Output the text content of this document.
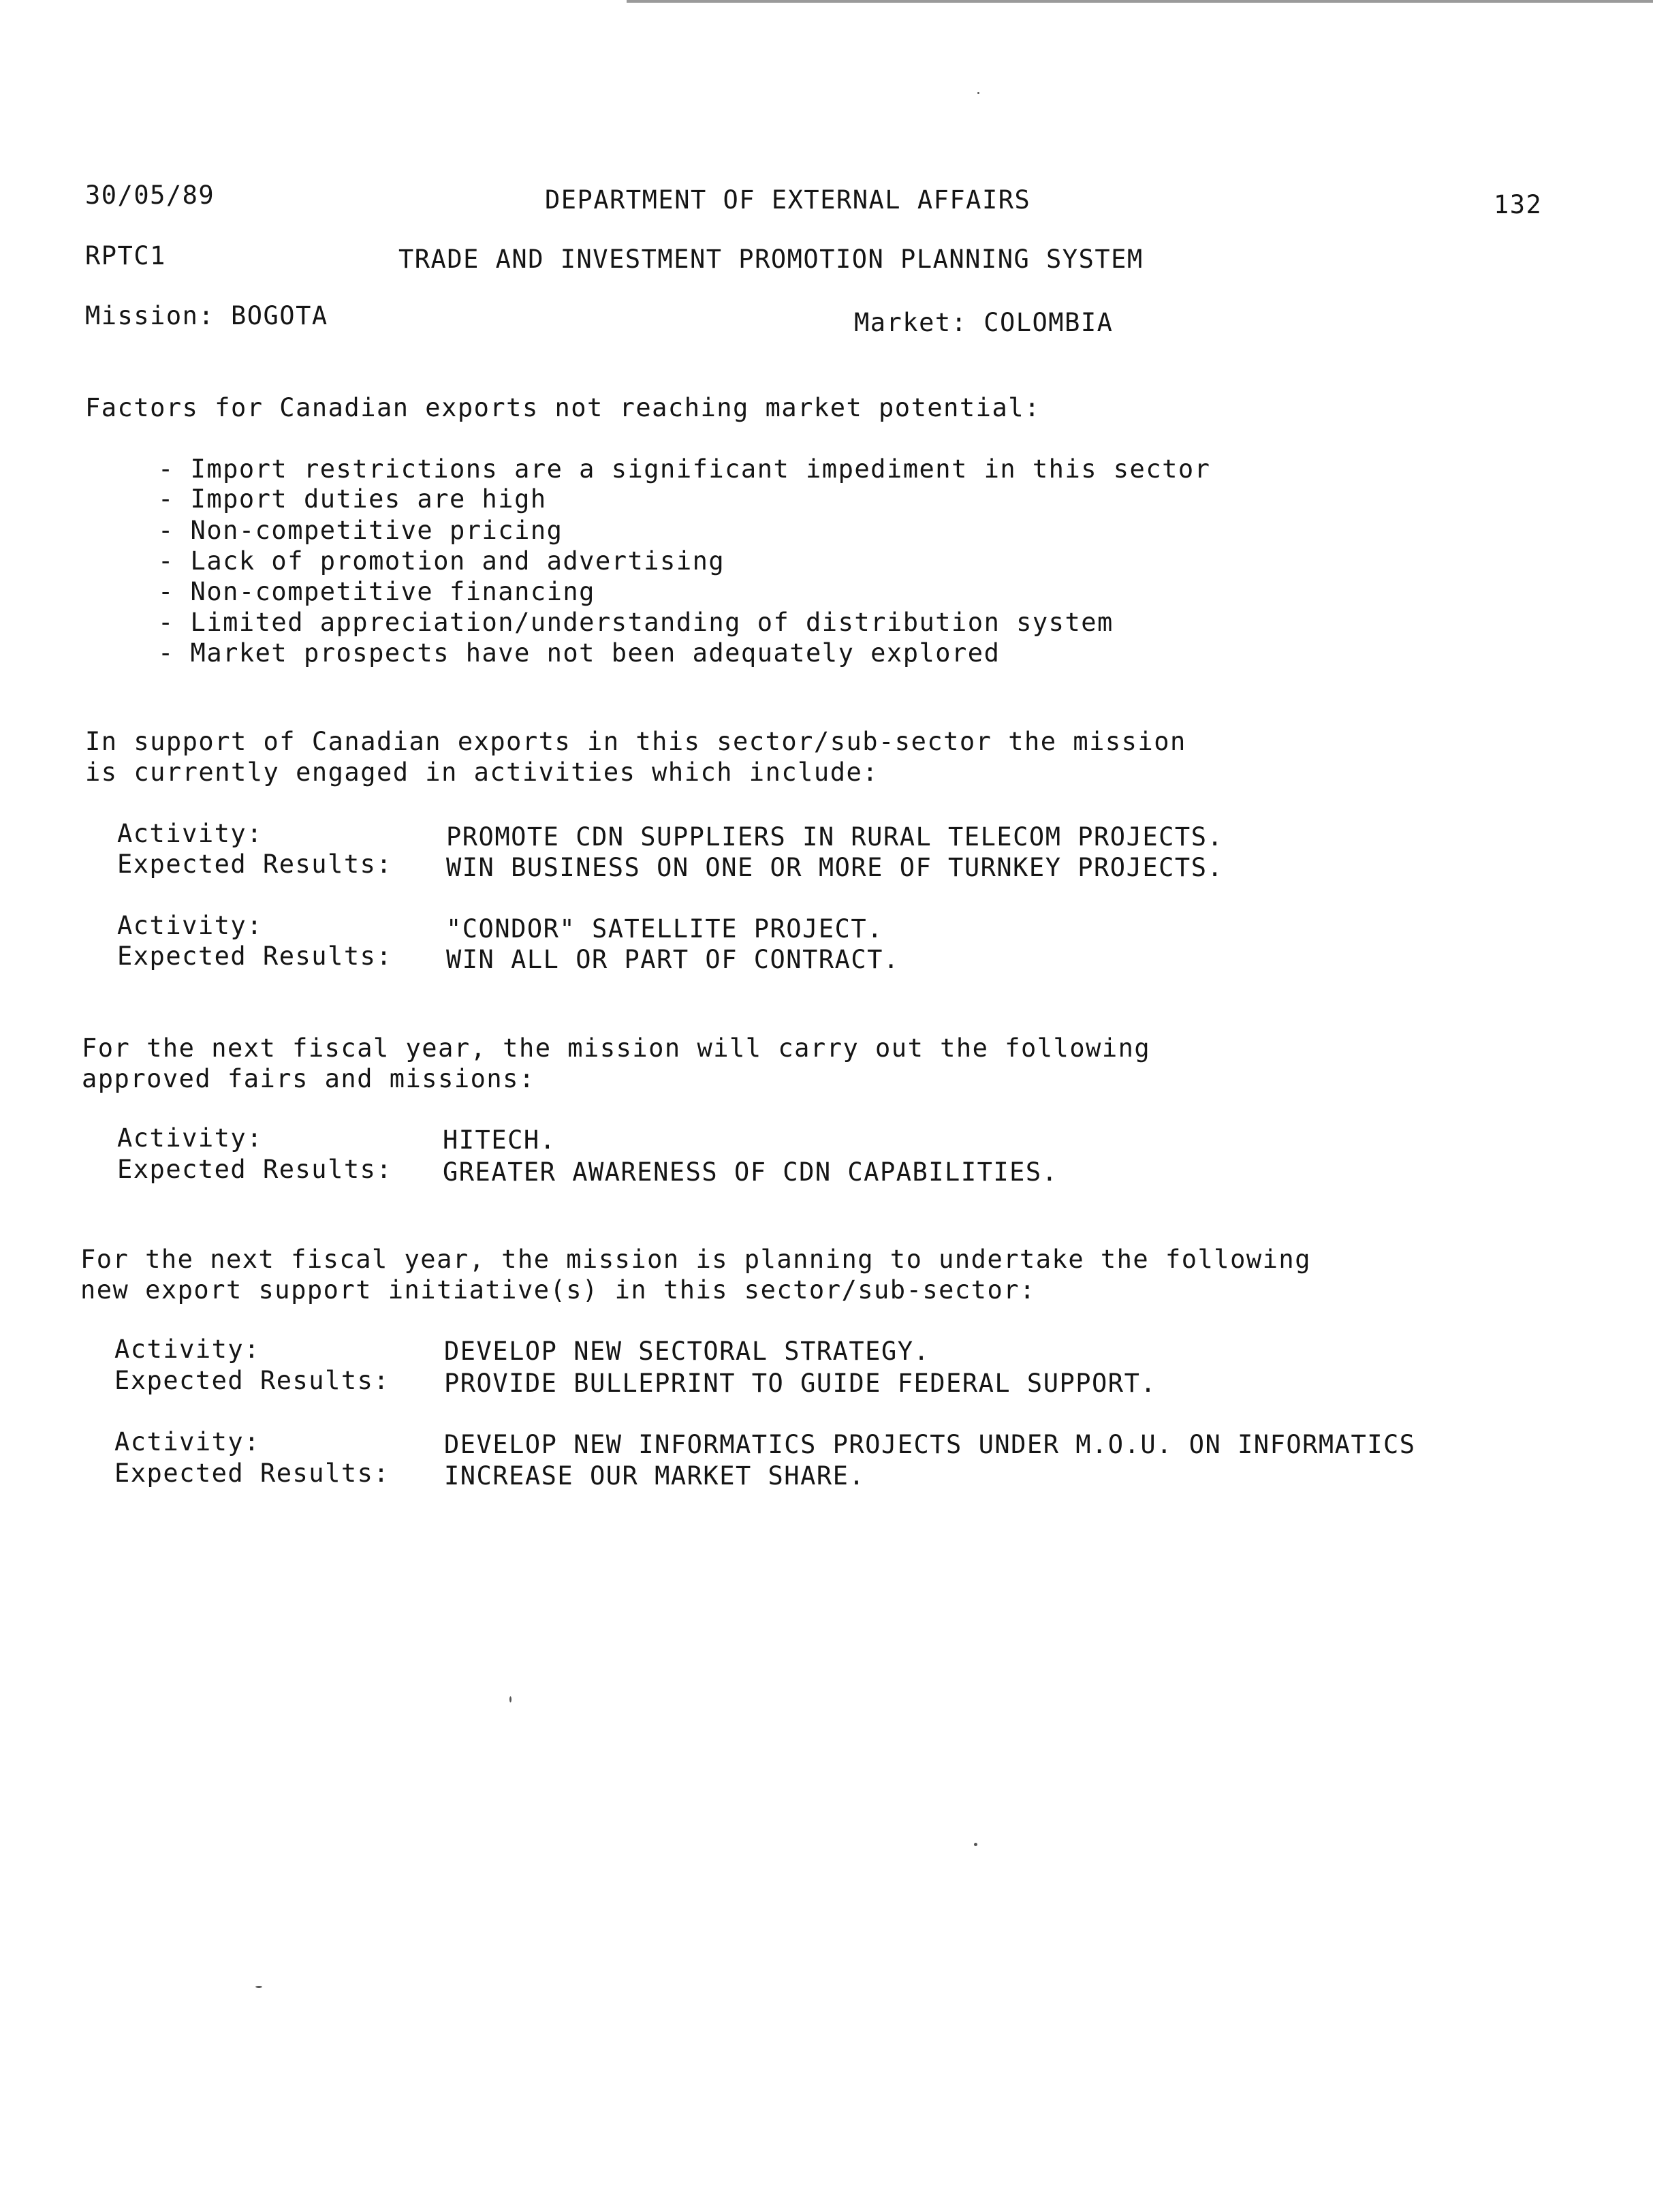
30/05/89	DEPARTMENT OF EXTERNAL AFFAIRS	132
RPTC1	TRADE AND INVESTMENT PROMOTION PLANNING SYSTEM
Mission: BOGOTA	Market: COLOMBIA
Factors for Canadian exports not reaching market potential:
- Import restrictions are a significant impediment in this sector
- Import duties are high
- Non-competitive pricing
- Lack of promotion and advertising
- Non-competitive financing
- Limited appreciation/understanding of distribution system
- Market prospects have not been adequately explored
In support of Canadian exports in this sector/sub-sector the mission
is currently engaged in activities which include:
Activity:	PROMOTE CDN SUPPLIERS IN RURAL TELECOM PROJECTS.
Expected Results: WIN BUSINESS ON ONE OR MORE OF TURNKEY PROJECTS.
Activity:	"CONDOR" SATELLITE PROJECT.
Expected Results: WIN ALL OR PART OF CONTRACT.
For the next fiscal year, the mission will carry out the following
approved fairs and missions:
Activity:	HITECH.
Expected Results: GREATER AWARENESS OF CDN CAPABILITIES.
For the next fiscal year, the mission is planning to undertake the following
new export support initiative(s) in this sector/sub-sector:
Activity:	DEVELOP NEW SECTORAL STRATEGY.
Expected Results: PROVIDE BULLEPRINT TO GUIDE FEDERAL SUPPORT.
Activity:	DEVELOP NEW INFORMATICS PROJECTS UNDER M.O.U. ON INFORMATICS
Expected Results: INCREASE OUR MARKET SHARE.
